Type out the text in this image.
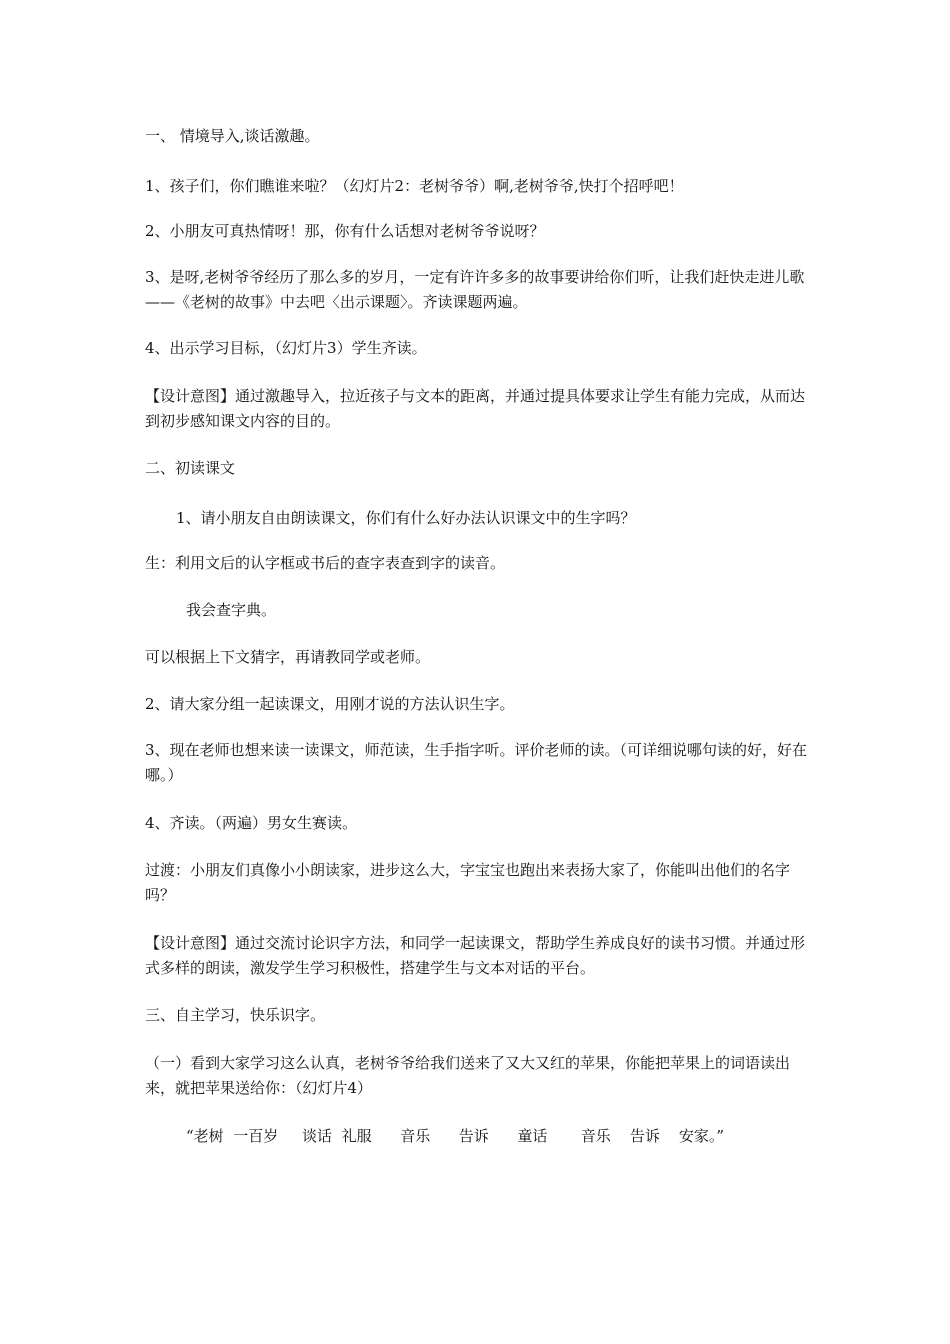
一、 情境导入,谈话激趣。

1、孩子们，你们瞧谁来啦？（幻灯片2：老树爷爷）啊,老树爷爷,快打个招呼吧！

2、小朋友可真热情呀！那，你有什么话想对老树爷爷说呀？

3、是呀,老树爷爷经历了那么多的岁月，一定有许许多多的故事要讲给你们听，让我们赶快走进儿歌——《老树的故事》中去吧〈出示课题〉。齐读课题两遍。

4、出示学习目标，（幻灯片3）学生齐读。

【设计意图】通过激趣导入，拉近孩子与文本的距离，并通过提具体要求让学生有能力完成，从而达到初步感知课文内容的目的。

二、初读课文

1、请小朋友自由朗读课文，你们有什么好办法认识课文中的生字吗？

生：利用文后的认字框或书后的查字表查到字的读音。

我会查字典。

可以根据上下文猜字，再请教同学或老师。

2、请大家分组一起读课文，用刚才说的方法认识生字。

3、现在老师也想来读一读课文，师范读，生手指字听。评价老师的读。（可详细说哪句读的好，好在哪。）

4、齐读。（两遍）男女生赛读。

过渡：小朋友们真像小小朗读家，进步这么大，字宝宝也跑出来表扬大家了，你能叫出他们的名字吗？

【设计意图】通过交流讨论识字方法，和同学一起读课文，帮助学生养成良好的读书习惯。并通过形式多样的朗读，激发学生学习积极性，搭建学生与文本对话的平台。

三、自主学习，快乐识字。

（一）看到大家学习这么认真，老树爷爷给我们送来了又大又红的苹果，你能把苹果上的词语读出来，就把苹果送给你：（幻灯片4）

“老树  一百岁     谈话  礼服      音乐      告诉      童话       音乐    告诉    安家。”
